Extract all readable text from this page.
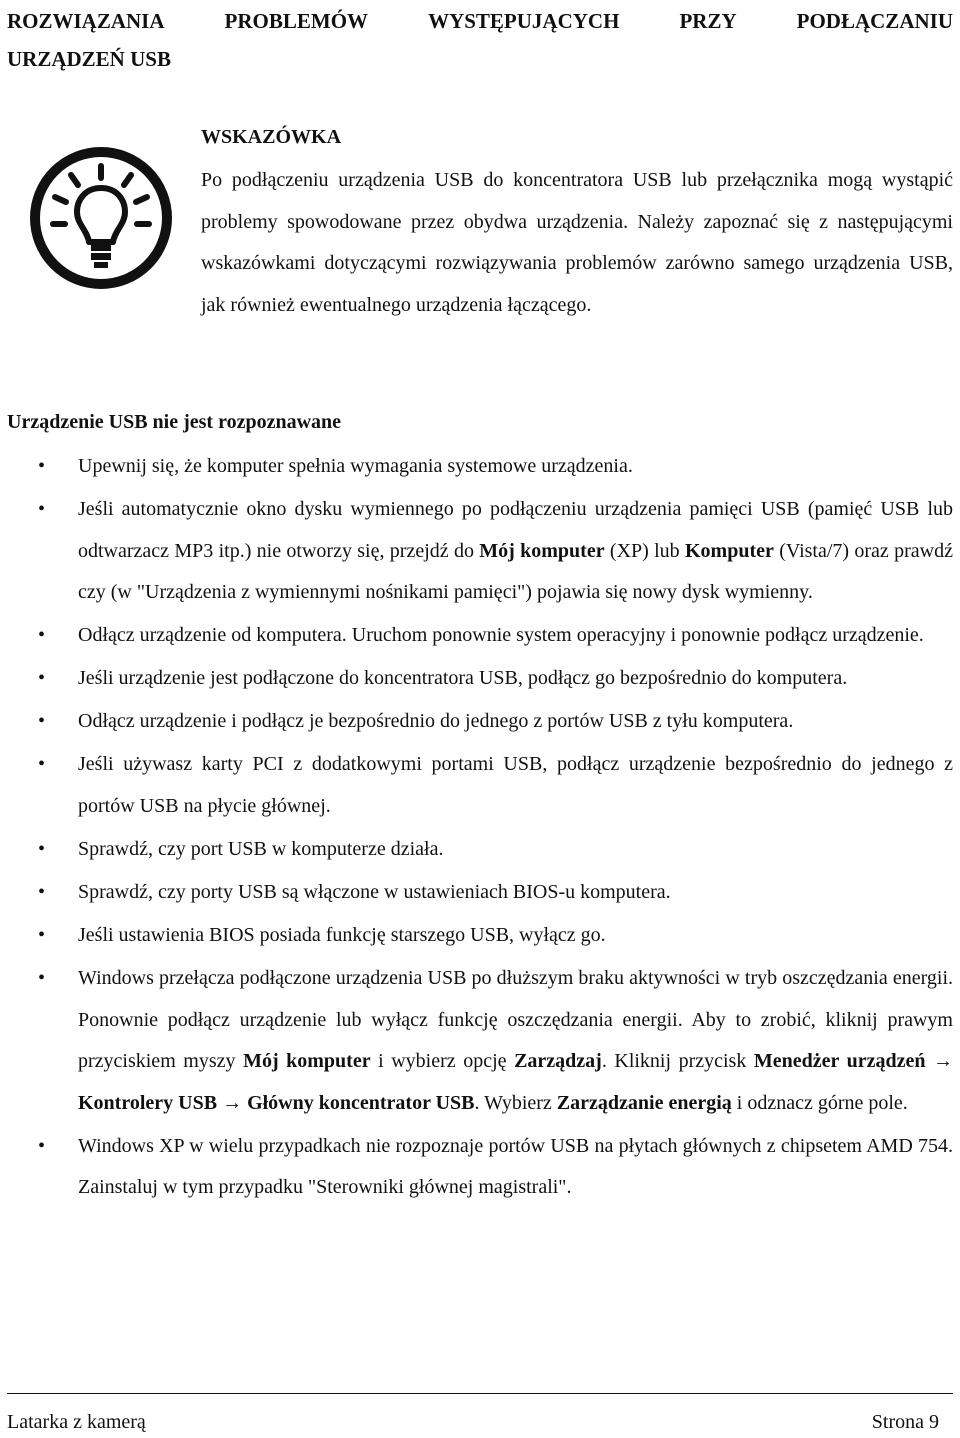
ROZWIĄZANIA	PROBLEMÓW	WYSTĘPUJĄCYCH	PRZY	PODŁĄCZANIU
URZĄDZEŃ USB
WSKAZÓWKA
Po podłączeniu urządzenia USB do koncentratora USB lub przełącznika mogą wystąpić problemy spowodowane przez obydwa urządzenia. Należy zapoznać się z następującymi wskazówkami dotyczącymi rozwiązywania problemów zarówno samego urządzenia USB, jak również ewentualnego urządzenia łączącego.
Urządzenie USB nie jest rozpoznawane
• Upewnij się, że komputer spełnia wymagania systemowe urządzenia.
• Jeśli automatycznie okno dysku wymiennego po podłączeniu urządzenia pamięci USB (pamięć USB lub odtwarzacz MP3 itp.) nie otworzy się, przejdź do Mój komputer (XP) lub Komputer (Vista/7) oraz prawdź czy (w "Urządzenia z wymiennymi nośnikami pamięci") pojawia się nowy dysk wymienny.
• Odłącz urządzenie od komputera. Uruchom ponownie system operacyjny i ponownie podłącz urządzenie.
• Jeśli urządzenie jest podłączone do koncentratora USB, podłącz go bezpośrednio do komputera.
• Odłącz urządzenie i podłącz je bezpośrednio do jednego z portów USB z tyłu komputera.
• Jeśli używasz karty PCI z dodatkowymi portami USB, podłącz urządzenie bezpośrednio do jednego z portów USB na płycie głównej.
• Sprawdź, czy port USB w komputerze działa.
• Sprawdź, czy porty USB są włączone w ustawieniach BIOS-u komputera.
• Jeśli ustawienia BIOS posiada funkcję starszego USB, wyłącz go.
• Windows przełącza podłączone urządzenia USB po dłuższym braku aktywności w tryb oszczędzania energii. Ponownie podłącz urządzenie lub wyłącz funkcję oszczędzania energii. Aby to zrobić, kliknij prawym przyciskiem myszy Mój komputer i wybierz opcję Zarządzaj. Kliknij przycisk Menedżer urządzeń → Kontrolery USB → Główny koncentrator USB. Wybierz Zarządzanie energią i odznacz górne pole.
• Windows XP w wielu przypadkach nie rozpoznaje portów USB na płytach głównych z chipsetem AMD 754. Zainstaluj w tym przypadku "Sterowniki głównej magistrali".
Latarka z kamerą	Strona 9
